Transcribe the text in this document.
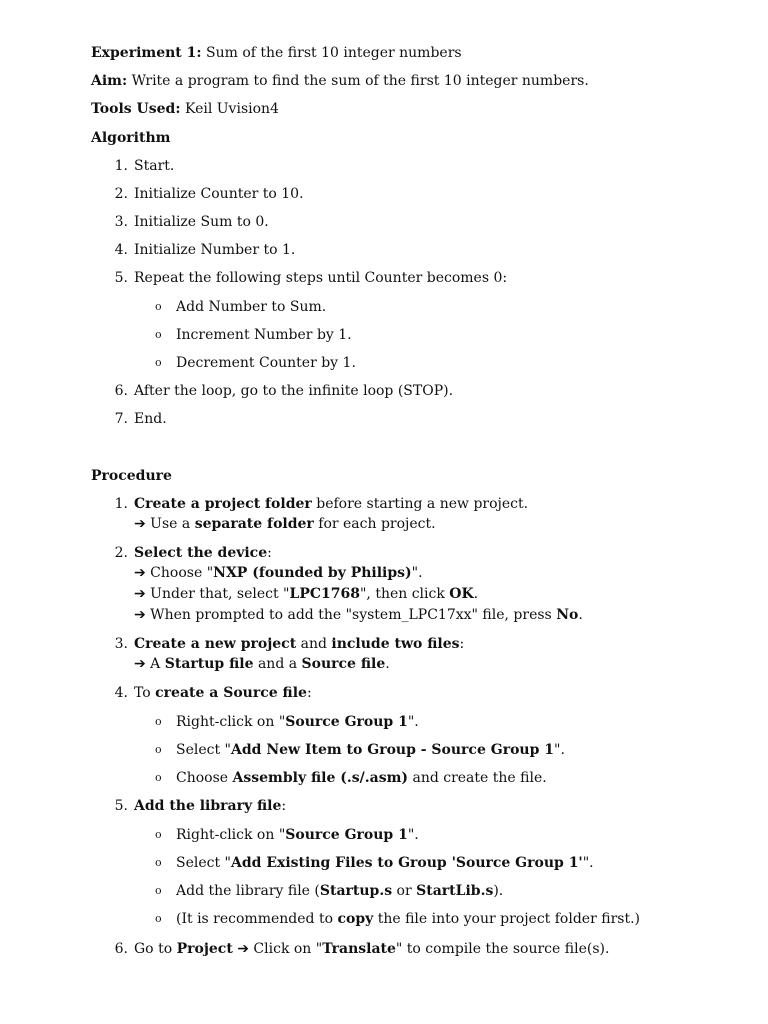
Experiment 1: Sum of the first 10 integer numbers
Aim: Write a program to find the sum of the first 10 integer numbers.
Tools Used: Keil Uvision4
Algorithm
1. Start.
2. Initialize Counter to 10.
3. Initialize Sum to 0.
4. Initialize Number to 1.
5. Repeat the following steps until Counter becomes 0:
o Add Number to Sum.
o Increment Number by 1.
o Decrement Counter by 1.
6. After the loop, go to the infinite loop (STOP).
7. End.
Procedure
1. Create a project folder before starting a new project.
➔ Use a separate folder for each project.
2. Select the device:
➔ Choose "NXP (founded by Philips)".
➔ Under that, select "LPC1768", then click OK.
➔ When prompted to add the "system_LPC17xx" file, press No.
3. Create a new project and include two files:
➔ A Startup file and a Source file.
4. To create a Source file:
o Right-click on "Source Group 1".
o Select "Add New Item to Group - Source Group 1".
o Choose Assembly file (.s/.asm) and create the file.
5. Add the library file:
o Right-click on "Source Group 1".
o Select "Add Existing Files to Group 'Source Group 1'".
o Add the library file (Startup.s or StartLib.s).
o (It is recommended to copy the file into your project folder first.)
6. Go to Project ➔ Click on "Translate" to compile the source file(s).
